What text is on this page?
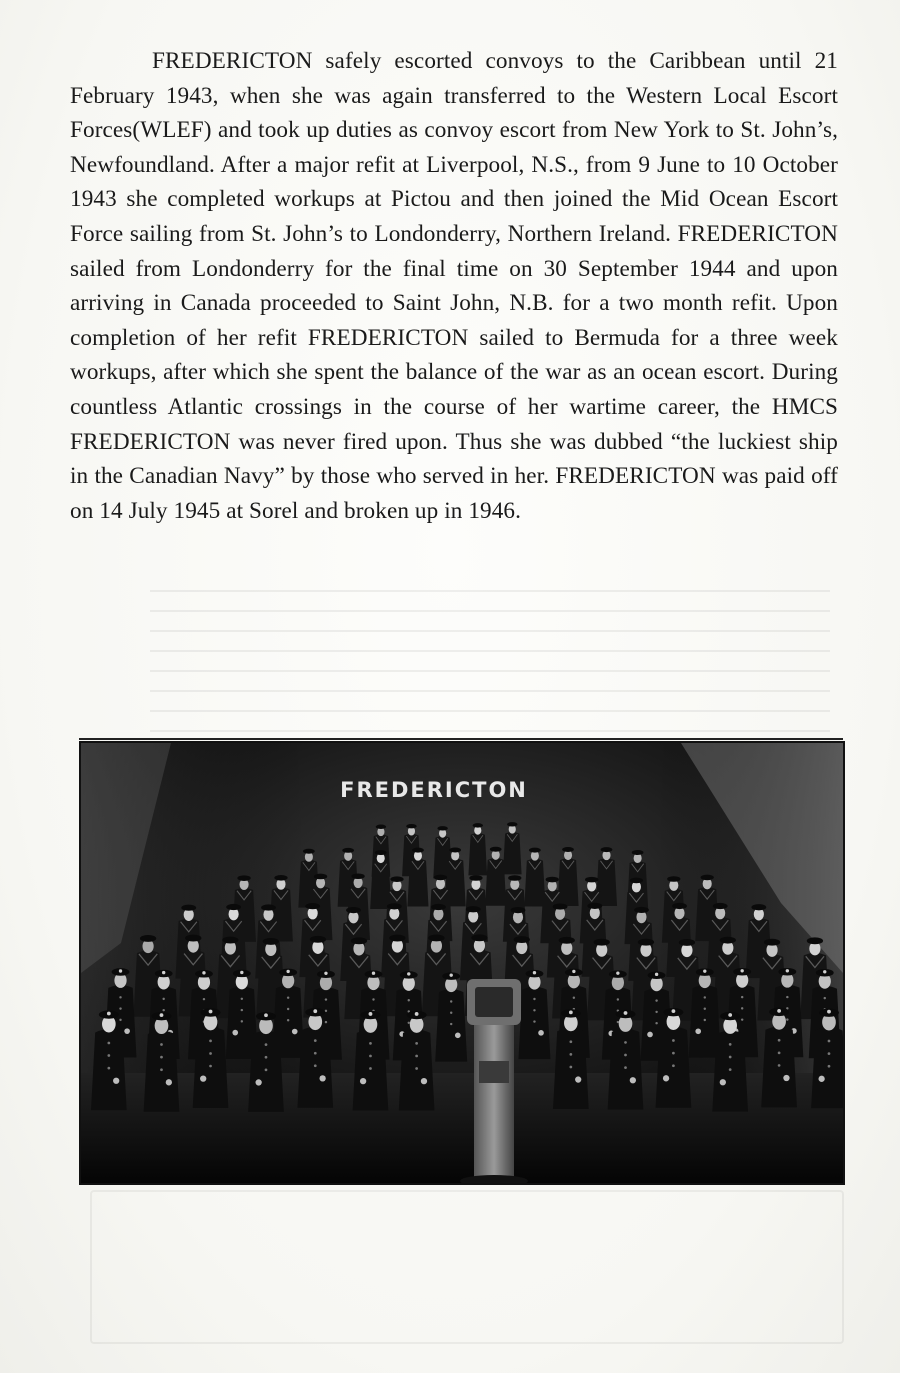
FREDERICTON safely escorted convoys to the Caribbean until 21 February 1943, when she was again transferred to the Western Local Escort Forces(WLEF) and took up duties as convoy escort from New York to St. John’s, Newfoundland. After a major refit at Liverpool, N.S., from 9 June to 10 October 1943 she completed workups at Pictou and then joined the Mid Ocean Escort Force sailing from St. John’s to Londonderry, Northern Ireland. FREDERICTON sailed from Londonderry for the final time on 30 September 1944 and upon arriving in Canada proceeded to Saint John, N.B. for a two month refit. Upon completion of her refit FREDERICTON sailed to Bermuda for a three week workups, after which she spent the balance of the war as an ocean escort. During countless Atlantic crossings in the course of her wartime career, the HMCS FREDERICTON was never fired upon. Thus she was dubbed “the luckiest ship in the Canadian Navy” by those who served in her. FREDERICTON was paid off on 14 July 1945 at Sorel and broken up in 1946.

FREDERICTON
